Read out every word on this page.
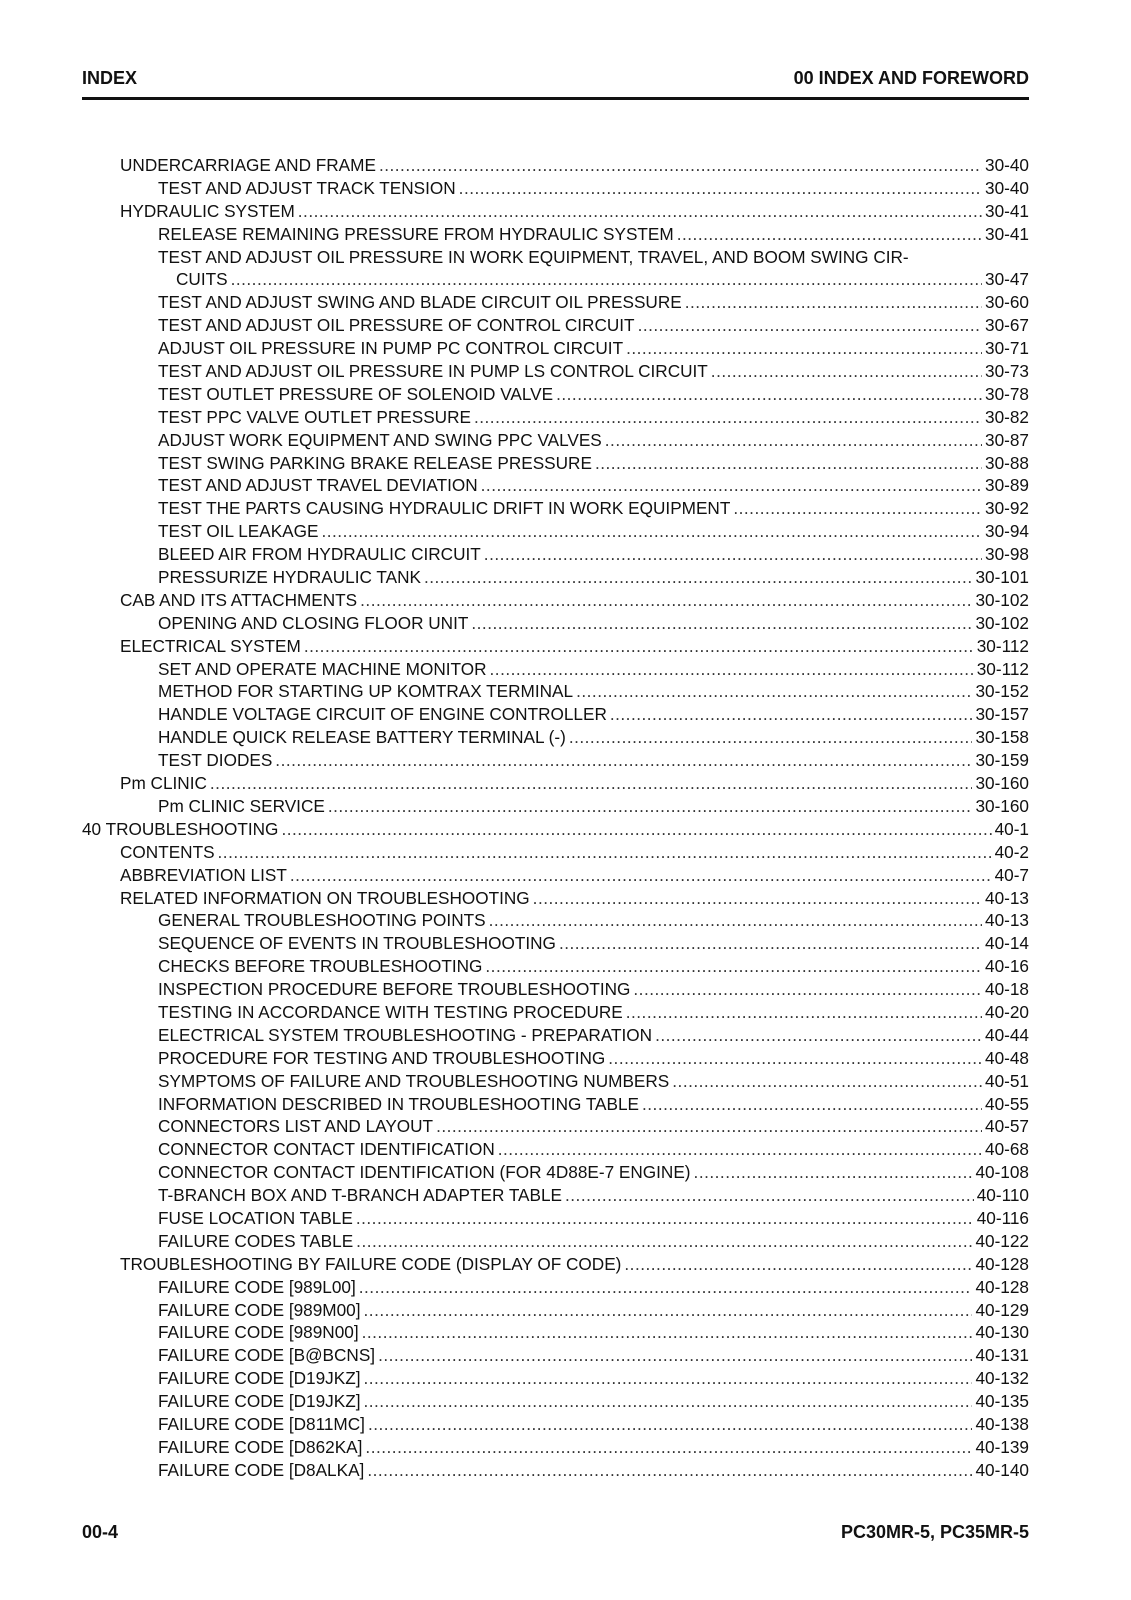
INDEX	00 INDEX AND FOREWORD
UNDERCARRIAGE AND FRAME .....	30-40
TEST AND ADJUST TRACK TENSION .....	30-40
HYDRAULIC SYSTEM .....	30-41
RELEASE REMAINING PRESSURE FROM HYDRAULIC SYSTEM .....	30-41
TEST AND ADJUST OIL PRESSURE IN WORK EQUIPMENT, TRAVEL, AND BOOM SWING CIR-
CUITS .....	30-47
TEST AND ADJUST SWING AND BLADE CIRCUIT OIL PRESSURE .....	30-60
TEST AND ADJUST OIL PRESSURE OF CONTROL CIRCUIT .....	30-67
ADJUST OIL PRESSURE IN PUMP PC CONTROL CIRCUIT .....	30-71
TEST AND ADJUST OIL PRESSURE IN PUMP LS CONTROL CIRCUIT .....	30-73
TEST OUTLET PRESSURE OF SOLENOID VALVE .....	30-78
TEST PPC VALVE OUTLET PRESSURE .....	30-82
ADJUST WORK EQUIPMENT AND SWING PPC VALVES .....	30-87
TEST SWING PARKING BRAKE RELEASE PRESSURE .....	30-88
TEST AND ADJUST TRAVEL DEVIATION .....	30-89
TEST THE PARTS CAUSING HYDRAULIC DRIFT IN WORK EQUIPMENT .....	30-92
TEST OIL LEAKAGE .....	30-94
BLEED AIR FROM HYDRAULIC CIRCUIT .....	30-98
PRESSURIZE HYDRAULIC TANK .....	30-101
CAB AND ITS ATTACHMENTS .....	30-102
OPENING AND CLOSING FLOOR UNIT .....	30-102
ELECTRICAL SYSTEM .....	30-112
SET AND OPERATE MACHINE MONITOR .....	30-112
METHOD FOR STARTING UP KOMTRAX TERMINAL .....	30-152
HANDLE VOLTAGE CIRCUIT OF ENGINE CONTROLLER .....	30-157
HANDLE QUICK RELEASE BATTERY TERMINAL (-) .....	30-158
TEST DIODES .....	30-159
Pm CLINIC .....	30-160
Pm CLINIC SERVICE .....	30-160
40 TROUBLESHOOTING .....	40-1
CONTENTS .....	40-2
ABBREVIATION LIST .....	40-7
RELATED INFORMATION ON TROUBLESHOOTING .....	40-13
GENERAL TROUBLESHOOTING POINTS .....	40-13
SEQUENCE OF EVENTS IN TROUBLESHOOTING .....	40-14
CHECKS BEFORE TROUBLESHOOTING .....	40-16
INSPECTION PROCEDURE BEFORE TROUBLESHOOTING .....	40-18
TESTING IN ACCORDANCE WITH TESTING PROCEDURE .....	40-20
ELECTRICAL SYSTEM TROUBLESHOOTING - PREPARATION .....	40-44
PROCEDURE FOR TESTING AND TROUBLESHOOTING .....	40-48
SYMPTOMS OF FAILURE AND TROUBLESHOOTING NUMBERS .....	40-51
INFORMATION DESCRIBED IN TROUBLESHOOTING TABLE .....	40-55
CONNECTORS LIST AND LAYOUT .....	40-57
CONNECTOR CONTACT IDENTIFICATION .....	40-68
CONNECTOR CONTACT IDENTIFICATION (FOR 4D88E-7 ENGINE) .....	40-108
T-BRANCH BOX AND T-BRANCH ADAPTER TABLE .....	40-110
FUSE LOCATION TABLE .....	40-116
FAILURE CODES TABLE .....	40-122
TROUBLESHOOTING BY FAILURE CODE (DISPLAY OF CODE) .....	40-128
FAILURE CODE [989L00] .....	40-128
FAILURE CODE [989M00] .....	40-129
FAILURE CODE [989N00] .....	40-130
FAILURE CODE [B@BCNS] .....	40-131
FAILURE CODE [D19JKZ] .....	40-132
FAILURE CODE [D19JKZ] .....	40-135
FAILURE CODE [D811MC] .....	40-138
FAILURE CODE [D862KA] .....	40-139
FAILURE CODE [D8ALKA] .....	40-140
00-4	PC30MR-5, PC35MR-5
